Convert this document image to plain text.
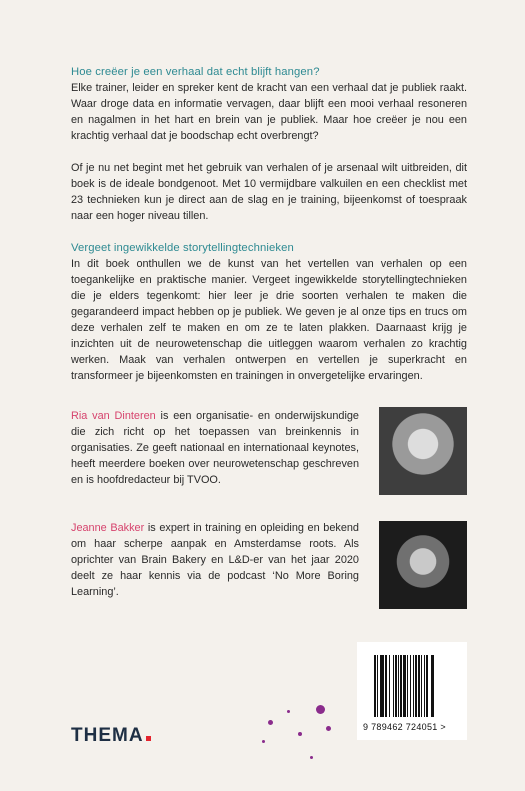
Hoe creëer je een verhaal dat echt blijft hangen?

Elke trainer, leider en spreker kent de kracht van een verhaal dat je publiek raakt. Waar droge data en informatie vervagen, daar blijft een mooi verhaal resoneren en nagalmen in het hart en brein van je publiek. Maar hoe creëer je nou een krachtig verhaal dat je boodschap echt overbrengt?

Of je nu net begint met het gebruik van verhalen of je arsenaal wilt uitbreiden, dit boek is de ideale bondgenoot. Met 10 vermijdbare valkuilen en een checklist met 23 technieken kun je direct aan de slag en je training, bijeenkomst of toespraak naar een hoger niveau tillen.

Vergeet ingewikkelde storytellingtechnieken

In dit boek onthullen we de kunst van het vertellen van verhalen op een toegankelijke en praktische manier. Vergeet ingewikkelde storytellingtechnieken die je elders tegenkomt: hier leer je drie soorten verhalen te maken die gegarandeerd impact hebben op je publiek. We geven je al onze tips en trucs om deze verhalen zelf te maken en om ze te laten plakken. Daarnaast krijg je inzichten uit de neurowetenschap die uitleggen waarom verhalen zo krachtig werken. Maak van verhalen ontwerpen en vertellen je superkracht en transformeer je bijeenkomsten en trainingen in onvergetelijke ervaringen.

Ria van Dinteren is een organisatie- en onderwijskundige die zich richt op het toepassen van breinkennis in organisaties. Ze geeft nationaal en internationaal keynotes, heeft meerdere boeken over neurowetenschap geschreven en is hoofdredacteur bij TVOO.
Jeanne Bakker is expert in training en opleiding en bekend om haar scherpe aanpak en Amsterdamse roots. Als oprichter van Brain Bakery en L&D-er van het jaar 2020 deelt ze haar kennis via de podcast ‘No More Boring Learning’.
THEMA	9 789462 724051 >
